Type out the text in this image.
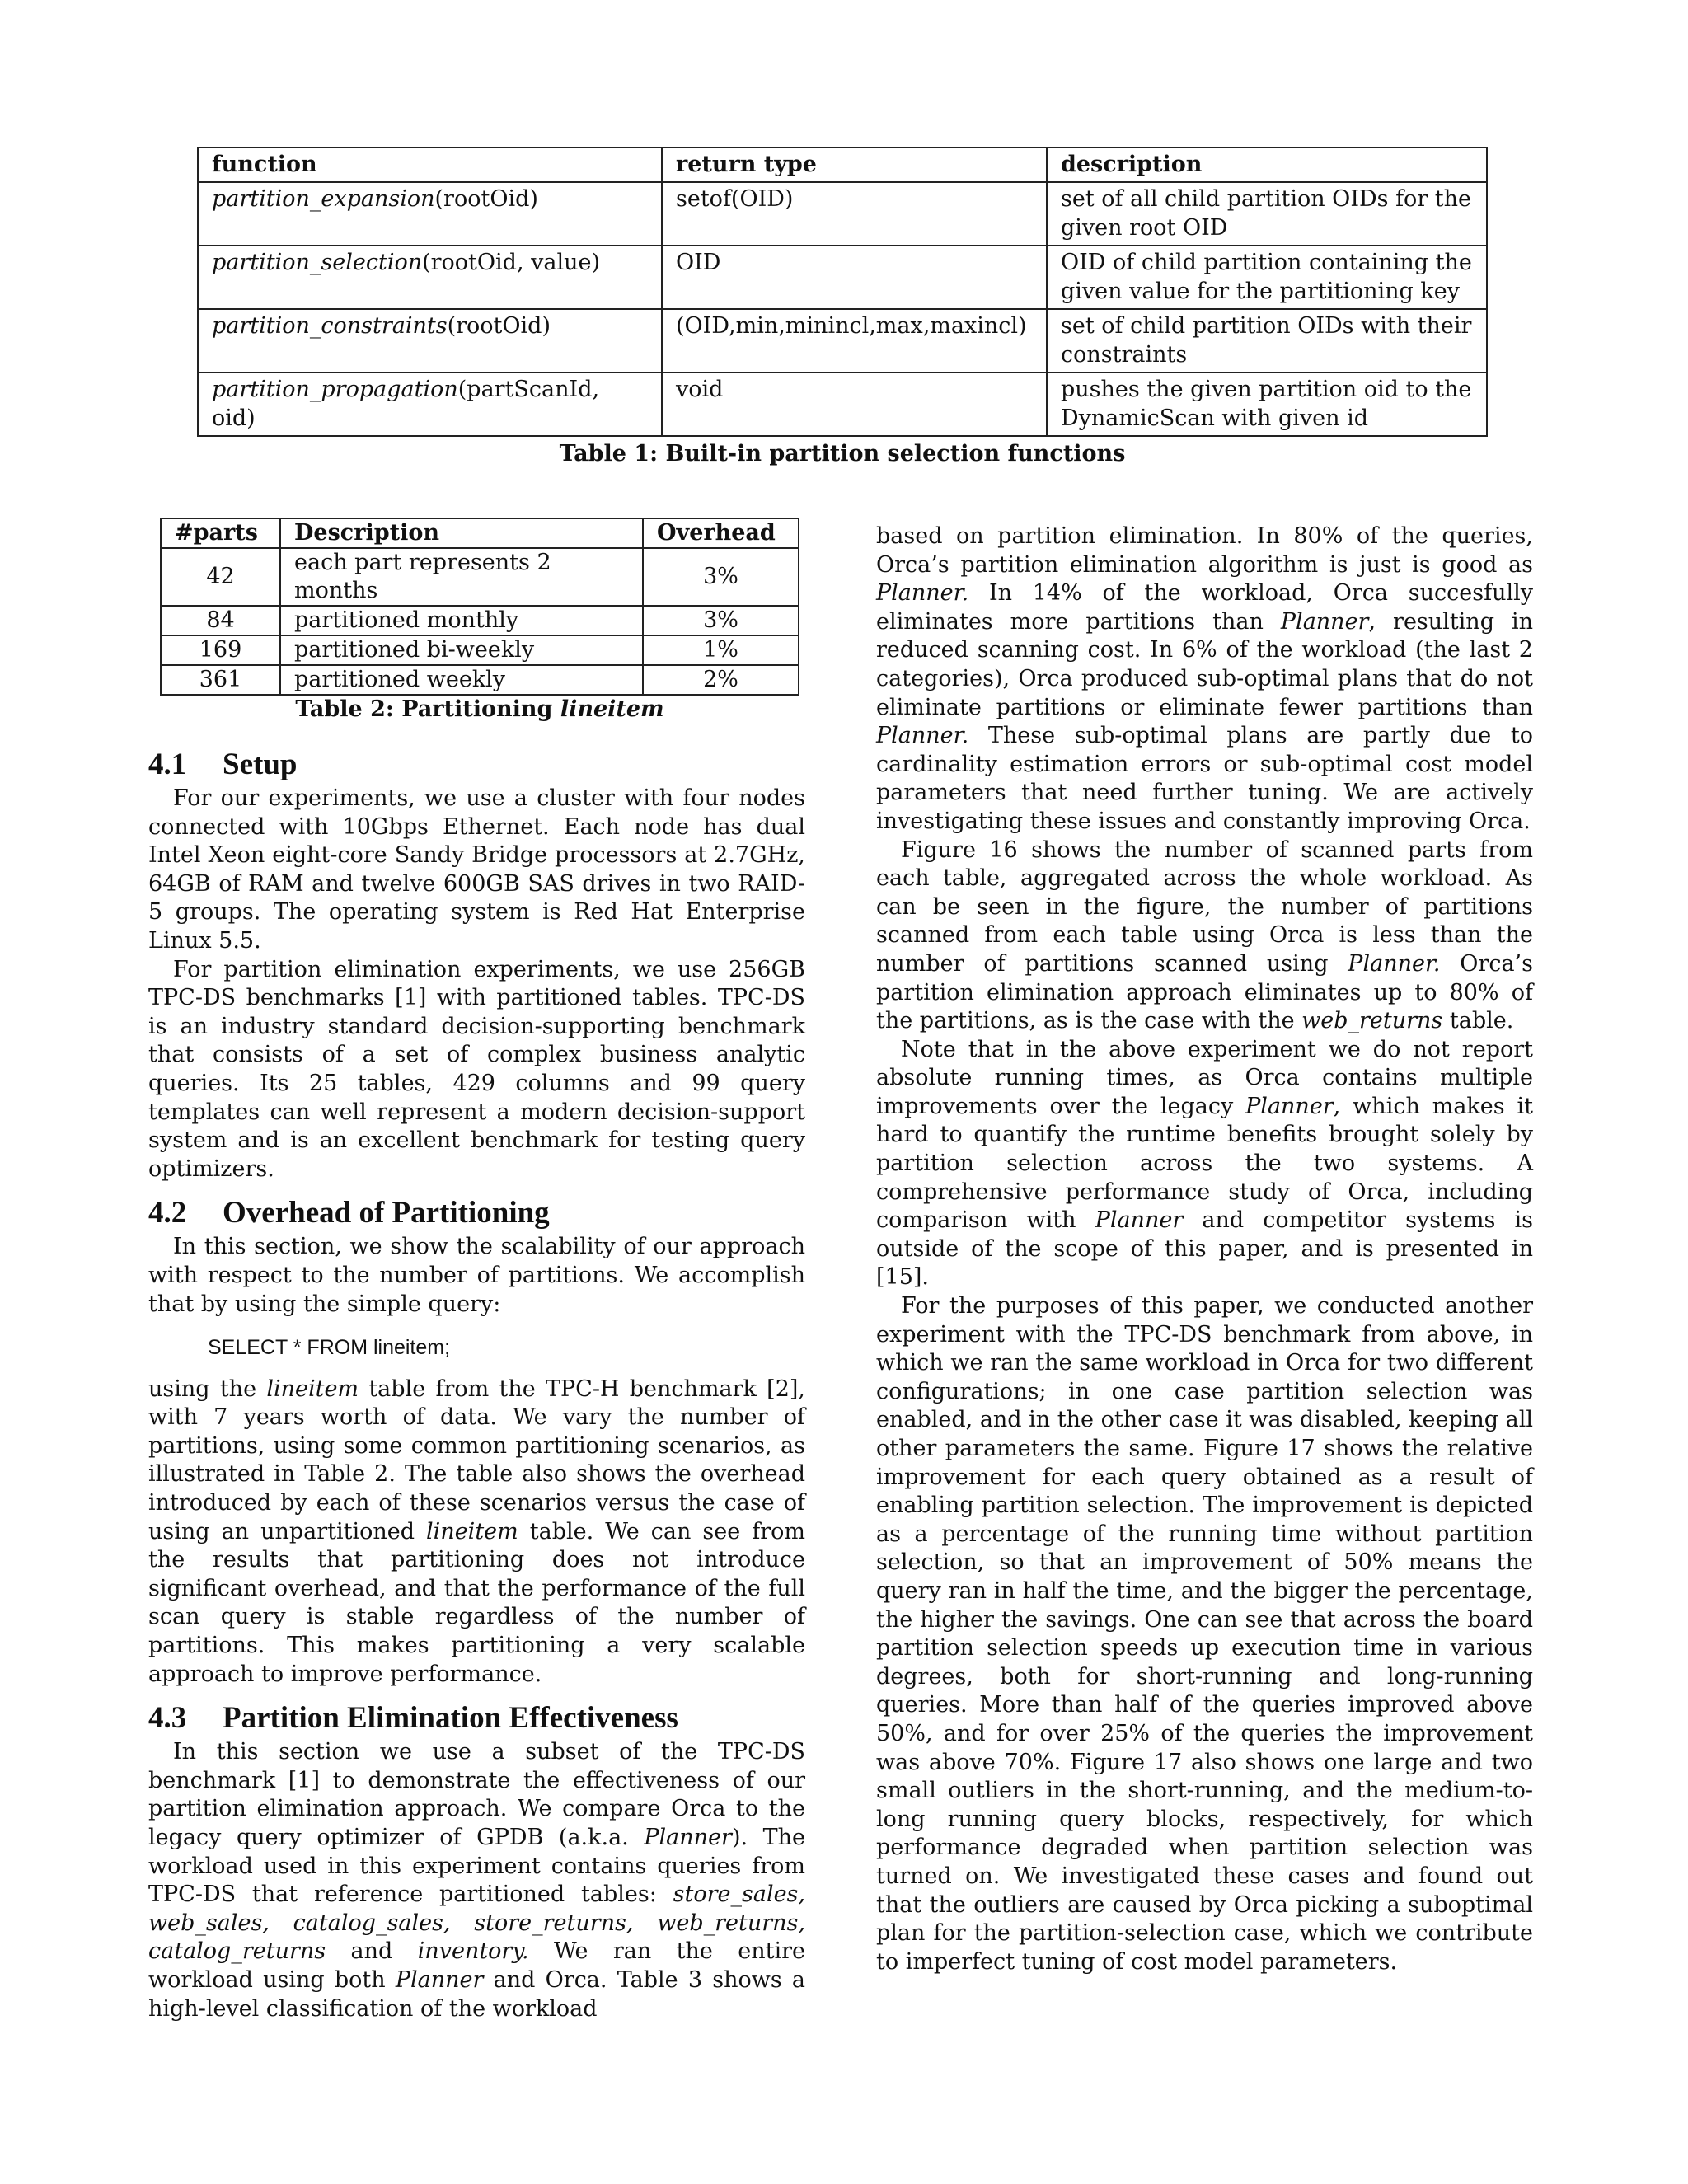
function	return type	description
partition_expansion(rootOid)	setof(OID)	set of all child partition OIDs for the given root OID
partition_selection(rootOid, value)	OID	OID of child partition containing the given value for the partitioning key
partition_constraints(rootOid)	(OID,min,minincl,max,maxincl)	set of child partition OIDs with their constraints
partition_propagation(partScanId, oid)	void	pushes the given partition oid to the DynamicScan with given id
Table 1: Built-in partition selection functions
#parts	Description	Overhead
42	each part represents 2 months	3%
84	partitioned monthly	3%
169	partitioned bi-weekly	1%
361	partitioned weekly	2%
Table 2: Partitioning lineitem
4.1 Setup

For our experiments, we use a cluster with four nodes connected with 10Gbps Ethernet. Each node has dual Intel Xeon eight-core Sandy Bridge processors at 2.7GHz, 64GB of RAM and twelve 600GB SAS drives in two RAID-5 groups. The operating system is Red Hat Enterprise Linux 5.5.

For partition elimination experiments, we use 256GB TPC-DS benchmarks [1] with partitioned tables. TPC-DS is an industry standard decision-supporting benchmark that consists of a set of complex business analytic queries. Its 25 tables, 429 columns and 99 query templates can well represent a modern decision-support system and is an excellent benchmark for testing query optimizers.

4.2 Overhead of Partitioning

In this section, we show the scalability of our approach with respect to the number of partitions. We accomplish that by using the simple query:

SELECT * FROM lineitem;

using the lineitem table from the TPC-H benchmark [2], with 7 years worth of data. We vary the number of partitions, using some common partitioning scenarios, as illustrated in Table 2. The table also shows the overhead introduced by each of these scenarios versus the case of using an unpartitioned lineitem table. We can see from the results that partitioning does not introduce significant overhead, and that the performance of the full scan query is stable regardless of the number of partitions. This makes partitioning a very scalable approach to improve performance.

4.3 Partition Elimination Effectiveness

In this section we use a subset of the TPC-DS benchmark [1] to demonstrate the effectiveness of our partition elimination approach. We compare Orca to the legacy query optimizer of GPDB (a.k.a. Planner). The workload used in this experiment contains queries from TPC-DS that reference partitioned tables: store_sales, web_sales, catalog_sales, store_returns, web_returns, catalog_returns and inventory. We ran the entire workload using both Planner and Orca. Table 3 shows a high-level classification of the workload

based on partition elimination. In 80% of the queries, Orca’s partition elimination algorithm is just is good as Planner. In 14% of the workload, Orca succesfully eliminates more partitions than Planner, resulting in reduced scanning cost. In 6% of the workload (the last 2 categories), Orca produced sub-optimal plans that do not eliminate partitions or eliminate fewer partitions than Planner. These sub-optimal plans are partly due to cardinality estimation errors or sub-optimal cost model parameters that need further tuning. We are actively investigating these issues and constantly improving Orca.

Figure 16 shows the number of scanned parts from each table, aggregated across the whole workload. As can be seen in the figure, the number of partitions scanned from each table using Orca is less than the number of partitions scanned using Planner. Orca’s partition elimination approach eliminates up to 80% of the partitions, as is the case with the web_returns table.

Note that in the above experiment we do not report absolute running times, as Orca contains multiple improvements over the legacy Planner, which makes it hard to quantify the runtime benefits brought solely by partition selection across the two systems. A comprehensive performance study of Orca, including comparison with Planner and competitor systems is outside of the scope of this paper, and is presented in [15].

For the purposes of this paper, we conducted another experiment with the TPC-DS benchmark from above, in which we ran the same workload in Orca for two different configurations; in one case partition selection was enabled, and in the other case it was disabled, keeping all other parameters the same. Figure 17 shows the relative improvement for each query obtained as a result of enabling partition selection. The improvement is depicted as a percentage of the running time without partition selection, so that an improvement of 50% means the query ran in half the time, and the bigger the percentage, the higher the savings. One can see that across the board partition selection speeds up execution time in various degrees, both for short-running and long-running queries. More than half of the queries improved above 50%, and for over 25% of the queries the improvement was above 70%. Figure 17 also shows one large and two small outliers in the short-running, and the medium-to-long running query blocks, respectively, for which performance degraded when partition selection was turned on. We investigated these cases and found out that the outliers are caused by Orca picking a suboptimal plan for the partition-selection case, which we contribute to imperfect tuning of cost model parameters.
